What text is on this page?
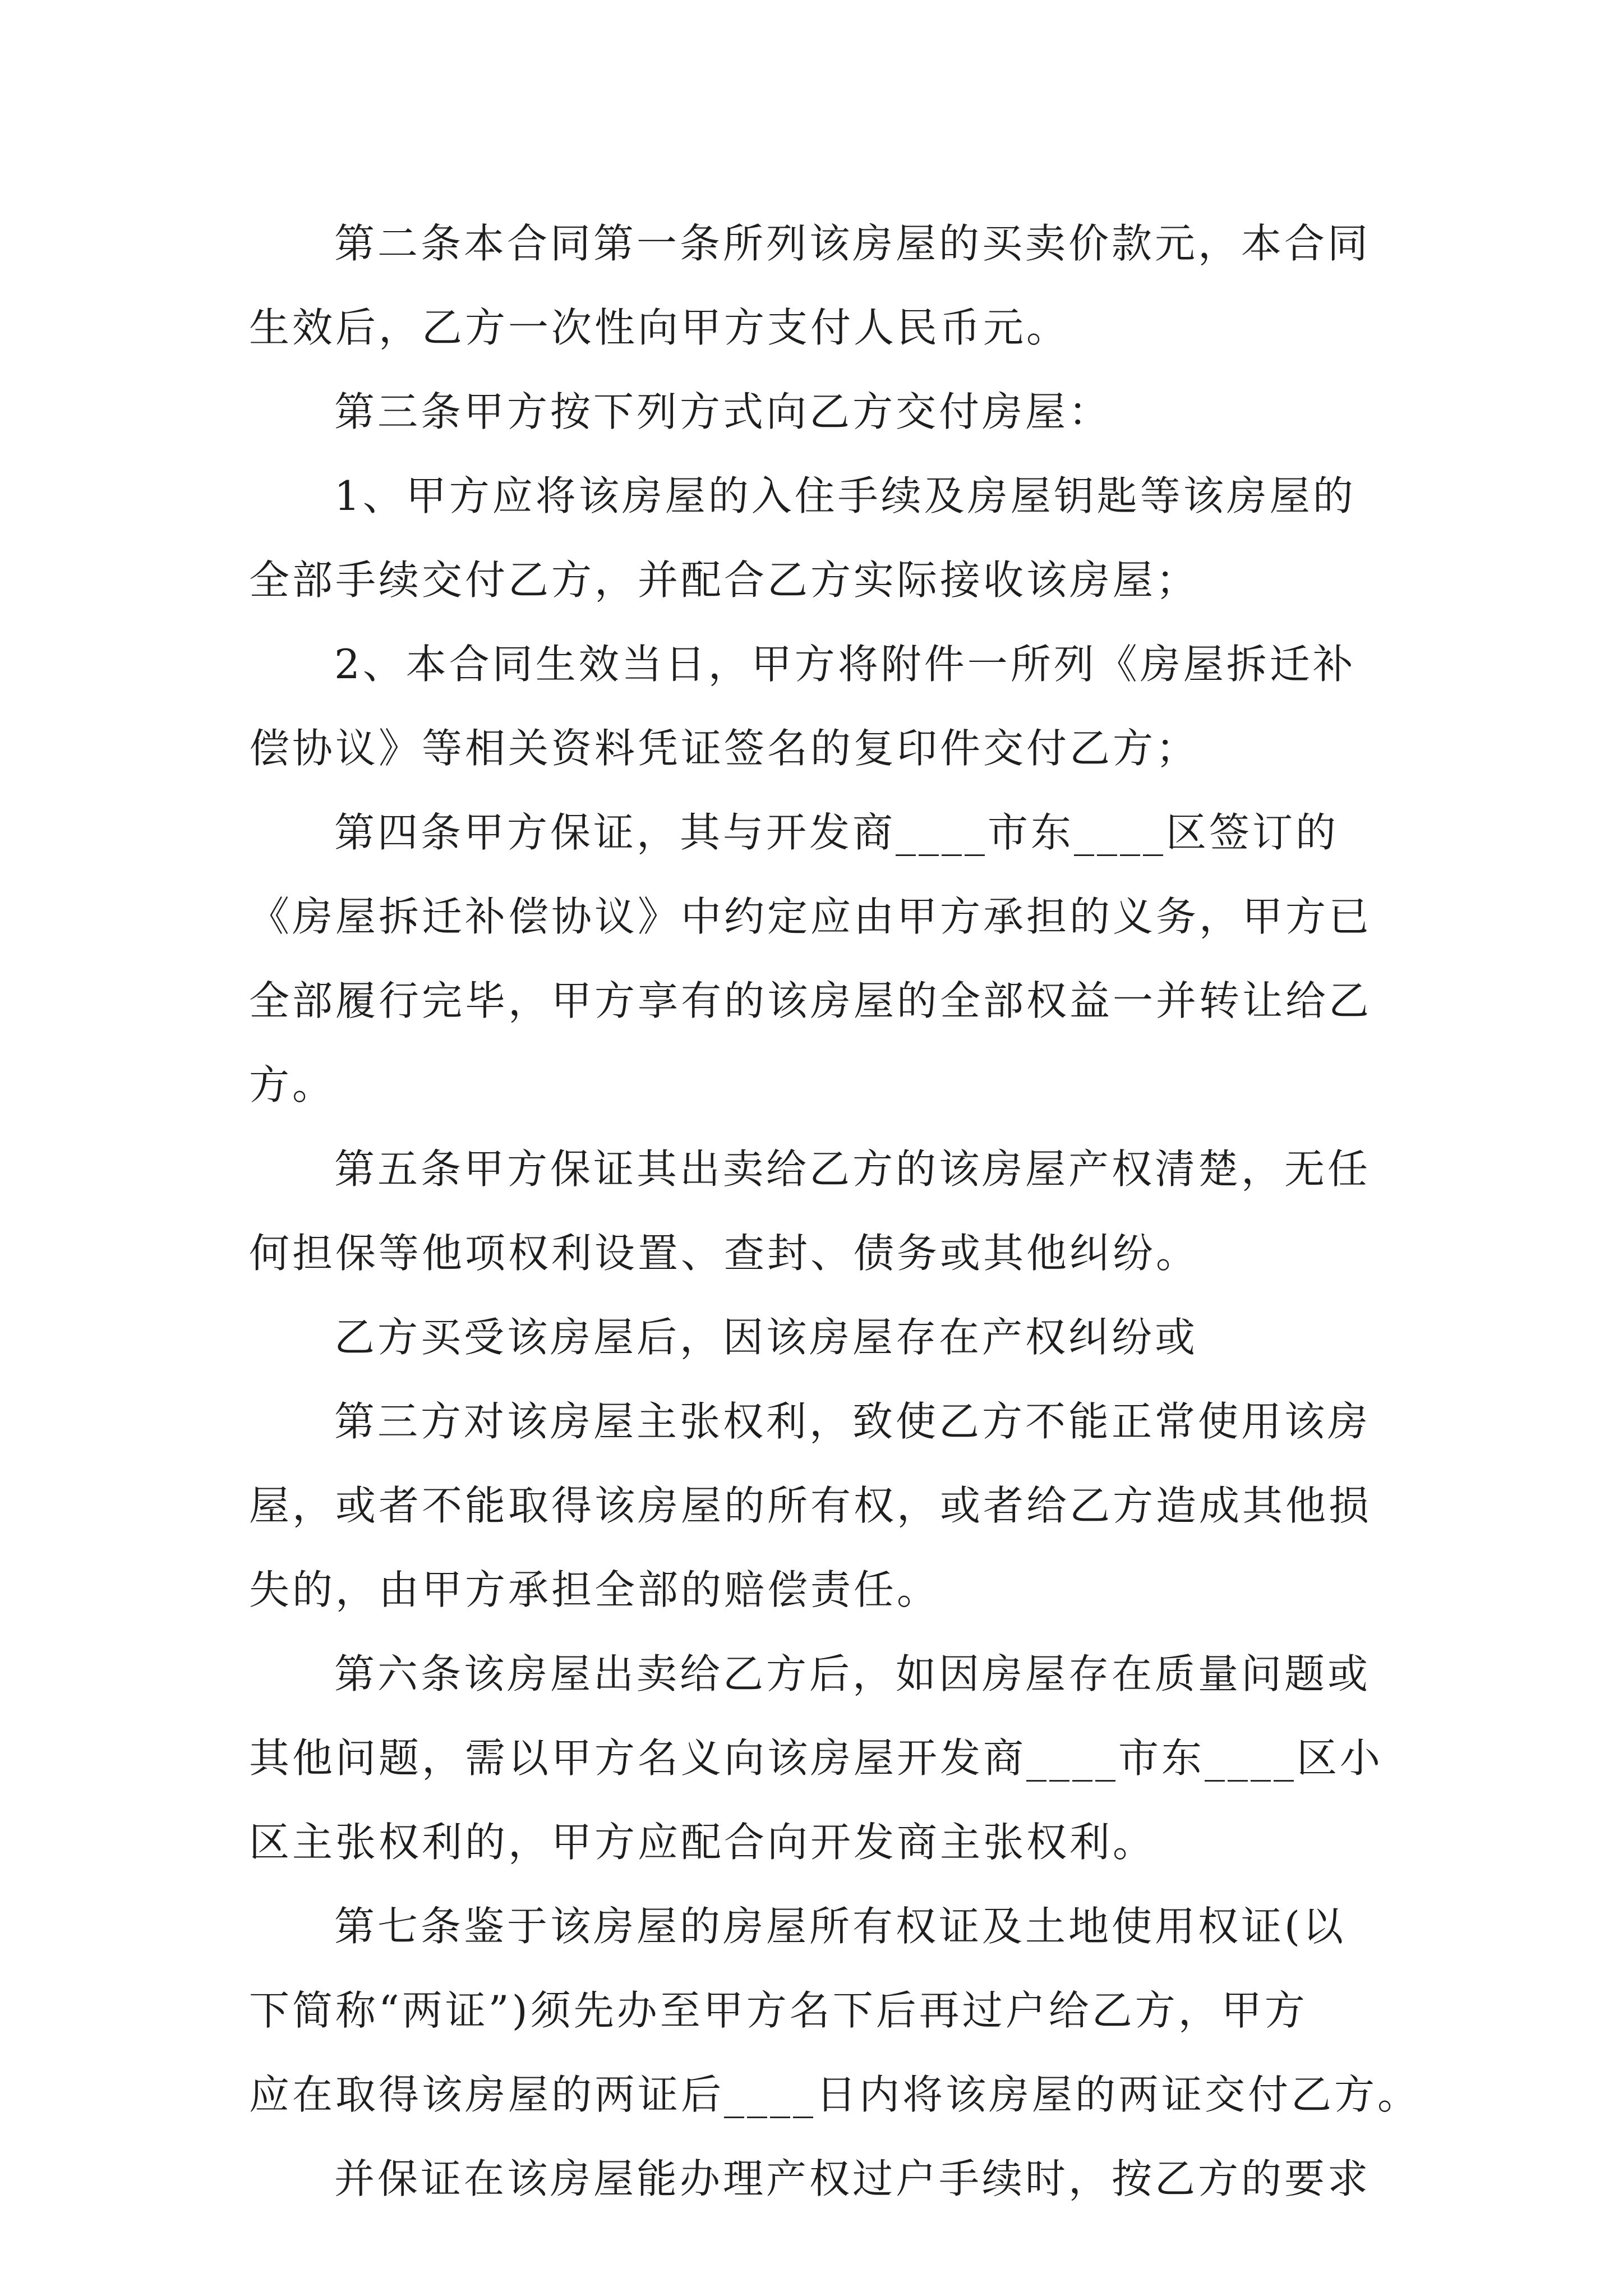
第二条本合同第一条所列该房屋的买卖价款元，本合同

生效后，乙方一次性向甲方支付人民币元。

第三条甲方按下列方式向乙方交付房屋：

1、甲方应将该房屋的入住手续及房屋钥匙等该房屋的

全部手续交付乙方，并配合乙方实际接收该房屋；

2、本合同生效当日，甲方将附件一所列《房屋拆迁补

偿协议》等相关资料凭证签名的复印件交付乙方；

第四条甲方保证，其与开发商____市东____区签订的

《房屋拆迁补偿协议》中约定应由甲方承担的义务，甲方已

全部履行完毕，甲方享有的该房屋的全部权益一并转让给乙

方。

第五条甲方保证其出卖给乙方的该房屋产权清楚，无任

何担保等他项权利设置、查封、债务或其他纠纷。

乙方买受该房屋后，因该房屋存在产权纠纷或

第三方对该房屋主张权利，致使乙方不能正常使用该房

屋，或者不能取得该房屋的所有权，或者给乙方造成其他损

失的，由甲方承担全部的赔偿责任。

第六条该房屋出卖给乙方后，如因房屋存在质量问题或

其他问题，需以甲方名义向该房屋开发商____市东____区小

区主张权利的，甲方应配合向开发商主张权利。

第七条鉴于该房屋的房屋所有权证及土地使用权证(以

下简称“两证”)须先办至甲方名下后再过户给乙方，甲方

应在取得该房屋的两证后____日内将该房屋的两证交付乙方。

并保证在该房屋能办理产权过户手续时，按乙方的要求
